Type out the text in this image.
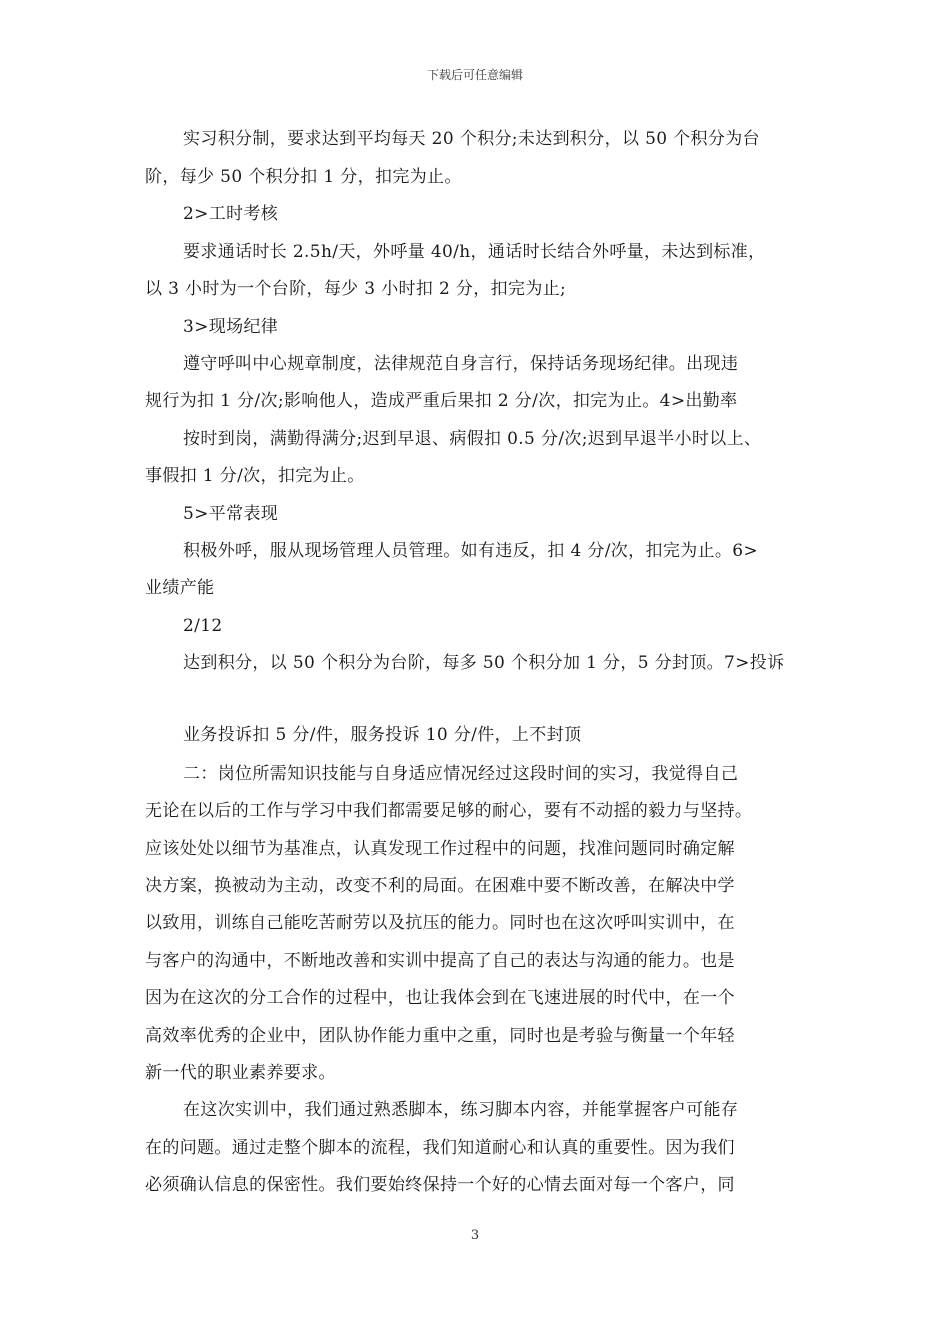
下载后可任意编辑
实习积分制，要求达到平均每天 20 个积分;未达到积分，以 50 个积分为台
阶，每少 50 个积分扣 1 分，扣完为止。
2>工时考核
要求通话时长 2.5h/天，外呼量 40/h，通话时长结合外呼量，未达到标准，
以 3 小时为一个台阶，每少 3 小时扣 2 分，扣完为止;
3>现场纪律
遵守呼叫中心规章制度，法律规范自身言行，保持话务现场纪律。出现违
规行为扣 1 分/次;影响他人，造成严重后果扣 2 分/次，扣完为止。4>出勤率
按时到岗，满勤得满分;迟到早退、病假扣 0.5 分/次;迟到早退半小时以上、
事假扣 1 分/次，扣完为止。
5>平常表现
积极外呼，服从现场管理人员管理。如有违反，扣 4 分/次，扣完为止。6>
业绩产能
2/12
达到积分，以 50 个积分为台阶，每多 50 个积分加 1 分，5 分封顶。7>投诉
业务投诉扣 5 分/件，服务投诉 10 分/件，上不封顶
二：岗位所需知识技能与自身适应情况经过这段时间的实习，我觉得自己
无论在以后的工作与学习中我们都需要足够的耐心，要有不动摇的毅力与坚持。
应该处处以细节为基准点，认真发现工作过程中的问题，找准问题同时确定解
决方案，换被动为主动，改变不利的局面。在困难中要不断改善，在解决中学
以致用，训练自己能吃苦耐劳以及抗压的能力。同时也在这次呼叫实训中，在
与客户的沟通中，不断地改善和实训中提高了自己的表达与沟通的能力。也是
因为在这次的分工合作的过程中，也让我体会到在飞速进展的时代中，在一个
高效率优秀的企业中，团队协作能力重中之重，同时也是考验与衡量一个年轻
新一代的职业素养要求。
在这次实训中，我们通过熟悉脚本，练习脚本内容，并能掌握客户可能存
在的问题。通过走整个脚本的流程，我们知道耐心和认真的重要性。因为我们
必须确认信息的保密性。我们要始终保持一个好的心情去面对每一个客户，同
3
